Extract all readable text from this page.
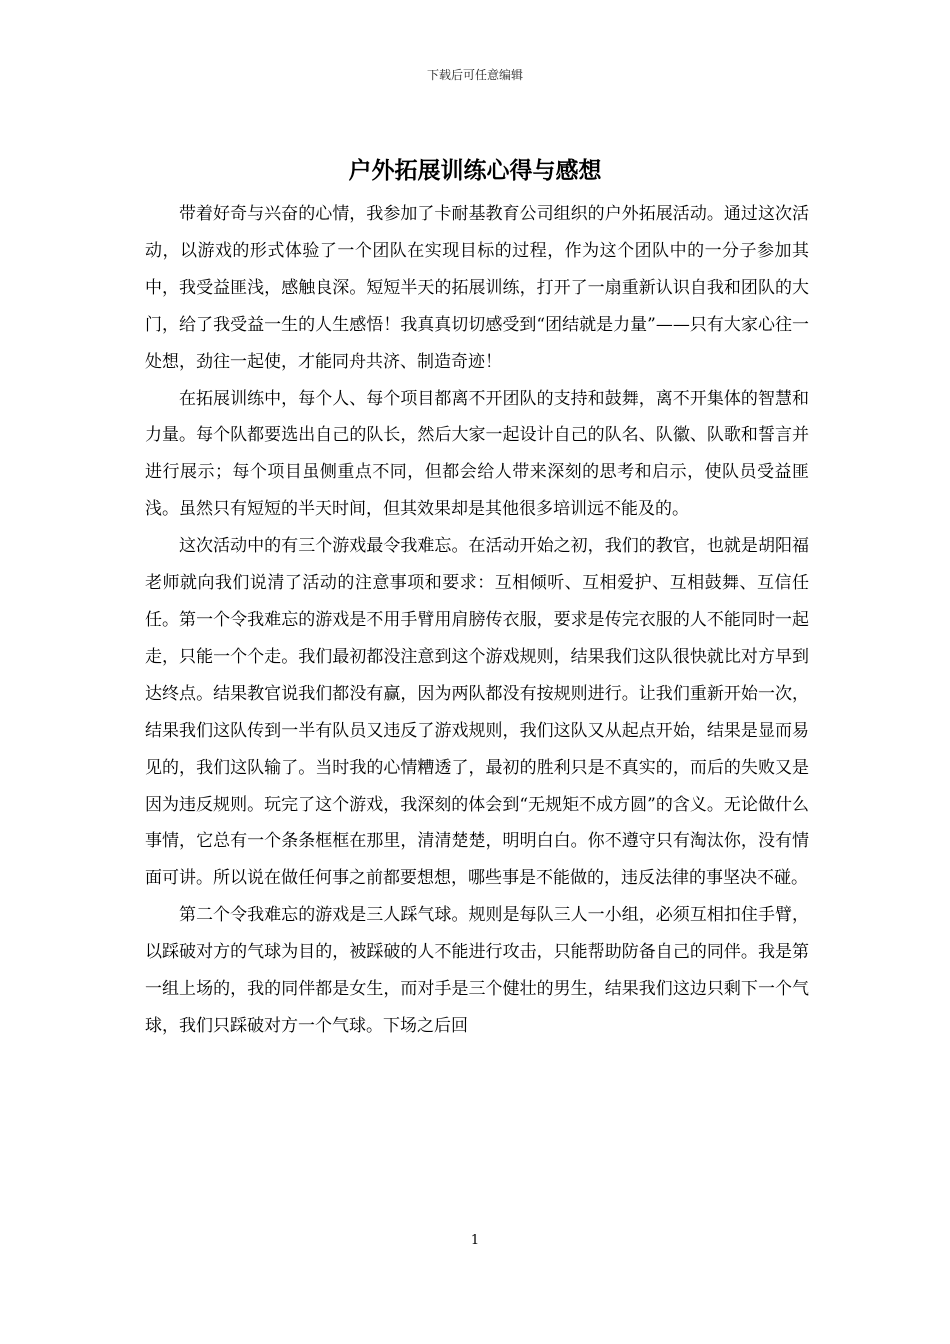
下载后可任意编辑
户外拓展训练心得与感想

带着好奇与兴奋的心情，我参加了卡耐基教育公司组织的户外拓展活动。通过这次活动，以游戏的形式体验了一个团队在实现目标的过程，作为这个团队中的一分子参加其中，我受益匪浅，感触良深。短短半天的拓展训练，打开了一扇重新认识自我和团队的大门，给了我受益一生的人生感悟！我真真切切感受到“团结就是力量”——只有大家心往一处想，劲往一起使，才能同舟共济、制造奇迹！

在拓展训练中，每个人、每个项目都离不开团队的支持和鼓舞，离不开集体的智慧和力量。每个队都要选出自己的队长，然后大家一起设计自己的队名、队徽、队歌和誓言并进行展示；每个项目虽侧重点不同，但都会给人带来深刻的思考和启示，使队员受益匪浅。虽然只有短短的半天时间，但其效果却是其他很多培训远不能及的。

这次活动中的有三个游戏最令我难忘。在活动开始之初，我们的教官，也就是胡阳福老师就向我们说清了活动的注意事项和要求：互相倾听、互相爱护、互相鼓舞、互信任任。第一个令我难忘的游戏是不用手臂用肩膀传衣服，要求是传完衣服的人不能同时一起走，只能一个个走。我们最初都没注意到这个游戏规则，结果我们这队很快就比对方早到达终点。结果教官说我们都没有赢，因为两队都没有按规则进行。让我们重新开始一次，结果我们这队传到一半有队员又违反了游戏规则，我们这队又从起点开始，结果是显而易见的，我们这队输了。当时我的心情糟透了，最初的胜利只是不真实的，而后的失败又是因为违反规则。玩完了这个游戏，我深刻的体会到“无规矩不成方圆”的含义。无论做什么事情，它总有一个条条框框在那里，清清楚楚，明明白白。你不遵守只有淘汰你，没有情面可讲。所以说在做任何事之前都要想想，哪些事是不能做的，违反法律的事坚决不碰。

第二个令我难忘的游戏是三人踩气球。规则是每队三人一小组，必须互相扣住手臂，以踩破对方的气球为目的，被踩破的人不能进行攻击，只能帮助防备自己的同伴。我是第一组上场的，我的同伴都是女生，而对手是三个健壮的男生，结果我们这边只剩下一个气球，我们只踩破对方一个气球。下场之后回

1
